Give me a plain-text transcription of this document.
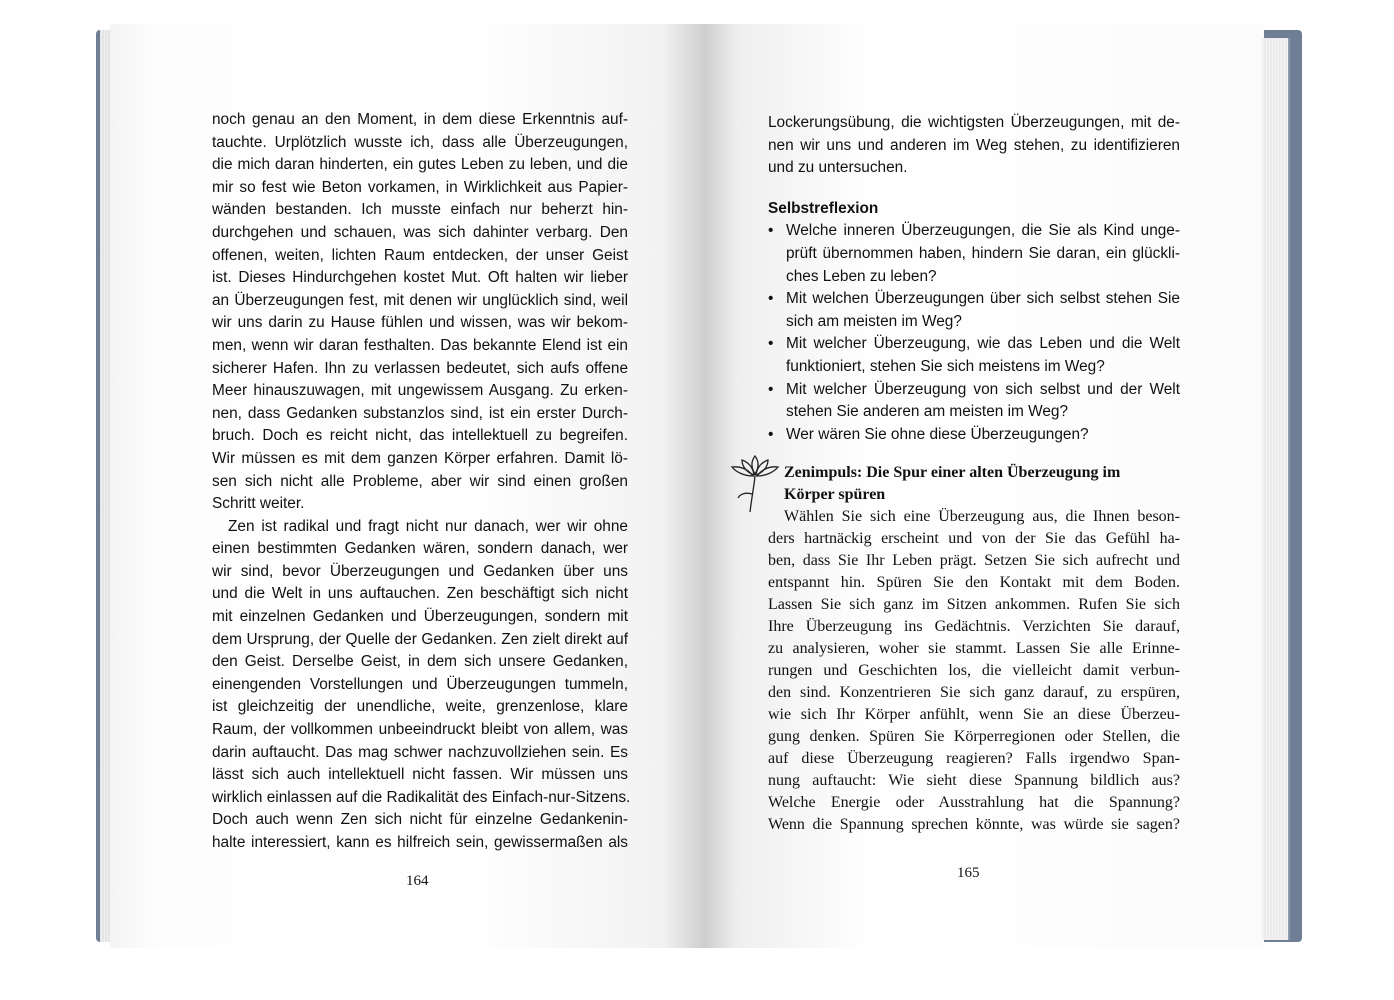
noch genau an den Moment, in dem diese Erkenntnis auf-

tauchte. Urplötzlich wusste ich, dass alle Überzeugungen,

die mich daran hinderten, ein gutes Leben zu leben, und die

mir so fest wie Beton vorkamen, in Wirklichkeit aus Papier-

wänden bestanden. Ich musste einfach nur beherzt hin-

durchgehen und schauen, was sich dahinter verbarg. Den

offenen, weiten, lichten Raum entdecken, der unser Geist

ist. Dieses Hindurchgehen kostet Mut. Oft halten wir lieber

an Überzeugungen fest, mit denen wir unglücklich sind, weil

wir uns darin zu Hause fühlen und wissen, was wir bekom-

men, wenn wir daran festhalten. Das bekannte Elend ist ein

sicherer Hafen. Ihn zu verlassen bedeutet, sich aufs offene

Meer hinauszuwagen, mit ungewissem Ausgang. Zu erken-

nen, dass Gedanken substanzlos sind, ist ein erster Durch-

bruch. Doch es reicht nicht, das intellektuell zu begreifen.

Wir müssen es mit dem ganzen Körper erfahren. Damit lö-

sen sich nicht alle Probleme, aber wir sind einen großen

Schritt weiter.

Zen ist radikal und fragt nicht nur danach, wer wir ohne

einen bestimmten Gedanken wären, sondern danach, wer

wir sind, bevor Überzeugungen und Gedanken über uns

und die Welt in uns auftauchen. Zen beschäftigt sich nicht

mit einzelnen Gedanken und Überzeugungen, sondern mit

dem Ursprung, der Quelle der Gedanken. Zen zielt direkt auf

den Geist. Derselbe Geist, in dem sich unsere Gedanken,

einengenden Vorstellungen und Überzeugungen tummeln,

ist gleichzeitig der unendliche, weite, grenzenlose, klare

Raum, der vollkommen unbeeindruckt bleibt von allem, was

darin auftaucht. Das mag schwer nachzuvollziehen sein. Es

lässt sich auch intellektuell nicht fassen. Wir müssen uns

wirklich einlassen auf die Radikalität des Einfach-nur-Sitzens.

Doch auch wenn Zen sich nicht für einzelne Gedankenin-

halte interessiert, kann es hilfreich sein, gewissermaßen als

164

Lockerungsübung, die wichtigsten Überzeugungen, mit de-

nen wir uns und anderen im Weg stehen, zu identifizieren

und zu untersuchen.

Selbstreflexion

• Welche inneren Überzeugungen, die Sie als Kind unge-

prüft übernommen haben, hindern Sie daran, ein glückli-

ches Leben zu leben?

• Mit welchen Überzeugungen über sich selbst stehen Sie

sich am meisten im Weg?

• Mit welcher Überzeugung, wie das Leben und die Welt

funktioniert, stehen Sie sich meistens im Weg?

• Mit welcher Überzeugung von sich selbst und der Welt

stehen Sie anderen am meisten im Weg?

• Wer wären Sie ohne diese Überzeugungen?

Zenimpuls: Die Spur einer alten Überzeugung im

Körper spüren

Wählen Sie sich eine Überzeugung aus, die Ihnen beson-

ders hartnäckig erscheint und von der Sie das Gefühl ha-

ben, dass Sie Ihr Leben prägt. Setzen Sie sich aufrecht und

entspannt hin. Spüren Sie den Kontakt mit dem Boden.

Lassen Sie sich ganz im Sitzen ankommen. Rufen Sie sich

Ihre Überzeugung ins Gedächtnis. Verzichten Sie darauf,

zu analysieren, woher sie stammt. Lassen Sie alle Erinne-

rungen und Geschichten los, die vielleicht damit verbun-

den sind. Konzentrieren Sie sich ganz darauf, zu erspüren,

wie sich Ihr Körper anfühlt, wenn Sie an diese Überzeu-

gung denken. Spüren Sie Körperregionen oder Stellen, die

auf diese Überzeugung reagieren? Falls irgendwo Span-

nung auftaucht: Wie sieht diese Spannung bildlich aus?

Welche Energie oder Ausstrahlung hat die Spannung?

Wenn die Spannung sprechen könnte, was würde sie sagen?

165
